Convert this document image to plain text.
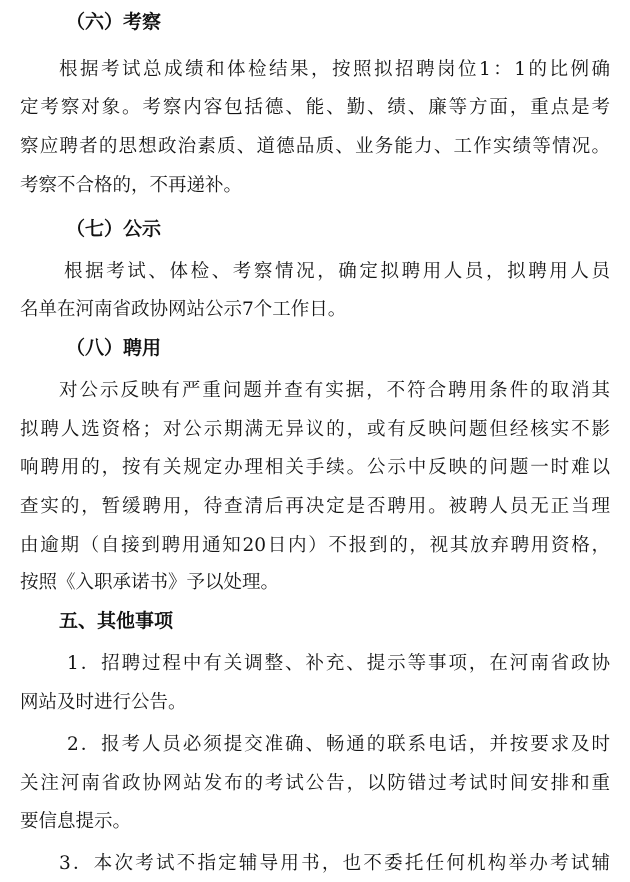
（六）考察
根据考试总成绩和体检结果，按照拟招聘岗位1：1的比例确
定考察对象。考察内容包括德、能、勤、绩、廉等方面，重点是考
察应聘者的思想政治素质、道德品质、业务能力、工作实绩等情况。
考察不合格的，不再递补。
（七）公示
根据考试、体检、考察情况，确定拟聘用人员，拟聘用人员
名单在河南省政协网站公示7个工作日。
（八）聘用
对公示反映有严重问题并查有实据，不符合聘用条件的取消其
拟聘人选资格；对公示期满无异议的，或有反映问题但经核实不影
响聘用的，按有关规定办理相关手续。公示中反映的问题一时难以
查实的，暂缓聘用，待查清后再决定是否聘用。被聘人员无正当理
由逾期（自接到聘用通知20日内）不报到的，视其放弃聘用资格，
按照《入职承诺书》予以处理。
五、其他事项
1．招聘过程中有关调整、补充、提示等事项，在河南省政协
网站及时进行公告。
2．报考人员必须提交准确、畅通的联系电话，并按要求及时
关注河南省政协网站发布的考试公告，以防错过考试时间安排和重
要信息提示。
3．本次考试不指定辅导用书，也不委托任何机构举办考试辅
